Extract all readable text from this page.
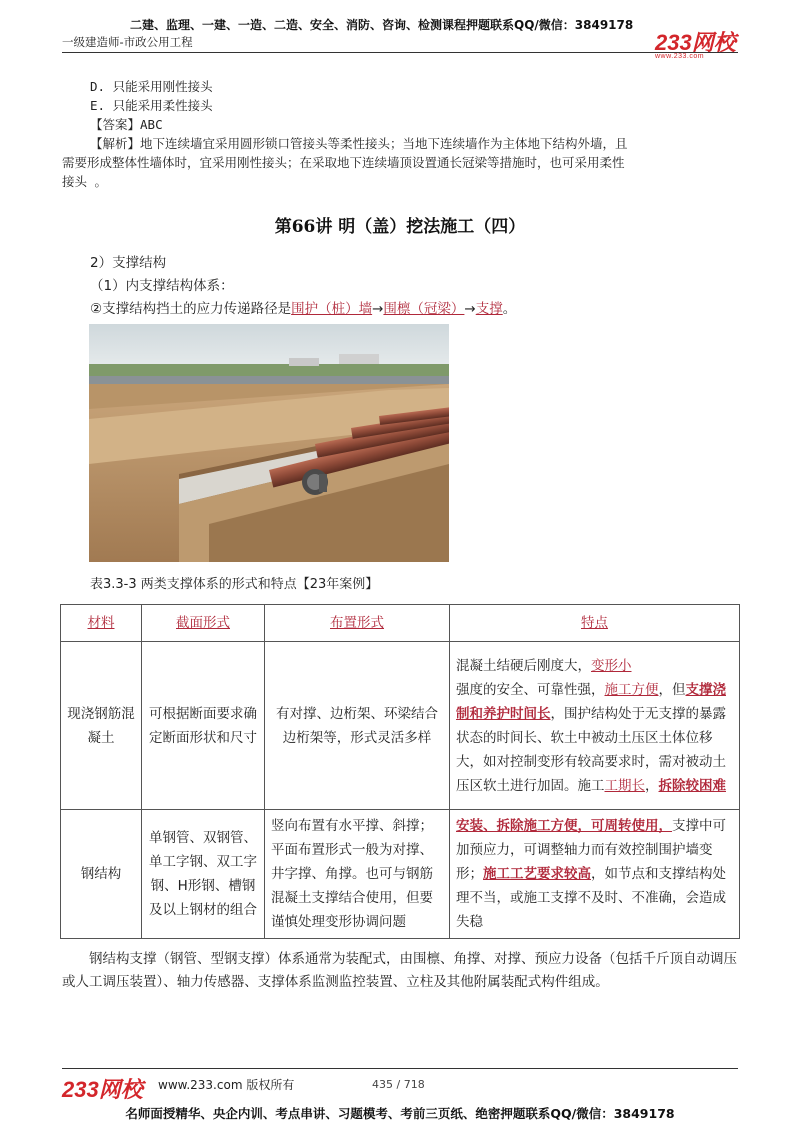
二建、监理、一建、一造、二造、安全、消防、咨询、检测课程押题联系QQ/微信：3849178
一级建造师-市政公用工程	233网校
www.233.com
D. 只能采用刚性接头
E. 只能采用柔性接头
【答案】ABC
【解析】地下连续墙宜采用圆形锁口管接头等柔性接头；当地下连续墙作为主体地下结构外墙，且
需要形成整体性墙体时，宜采用刚性接头；在采取地下连续墙顶设置通长冠梁等措施时，也可采用柔性
接头 。
第66讲 明（盖）挖法施工（四）
2）支撑结构
（1）内支撑结构体系：
②支撑结构挡土的应力传递路径是围护（桩）墙→围檩（冠梁）→支撑。
表3.3-3 两类支撑体系的形式和特点【23年案例】
材料	截面形式	布置形式	特点
现浇钢筋混凝土	可根据断面要求确定断面形状和尺寸	有对撑、边桁架、环梁结合边桁架等，形式灵活多样	混凝土结硬后刚度大，变形小
强度的安全、可靠性强，施工方便，但支撑浇制和养护时间长，围护结构处于无支撑的暴露状态的时间长、软土中被动土压区土体位移大，如对控制变形有较高要求时，需对被动土压区软土进行加固。施工工期长，拆除较困难
钢结构	单钢管、双钢管、单工字钢、双工字钢、H形钢、槽钢及以上钢材的组合	竖向布置有水平撑、斜撑；平面布置形式一般为对撑、井字撑、角撑。也可与钢筋混凝土支撑结合使用，但要谨慎处理变形协调问题	安装、拆除施工方便，可周转使用，支撑中可加预应力，可调整轴力而有效控制围护墙变形；施工工艺要求较高，如节点和支撑结构处理不当，或施工支撑不及时、不准确，会造成失稳
钢结构支撑（钢管、型钢支撑）体系通常为装配式，由围檩、角撑、对撑、预应力设备（包括千斤顶自动调压或人工调压装置）、轴力传感器、支撑体系监测监控装置、立柱及其他附属装配式构件组成。
233网校 www.233.com 版权所有	435 / 718
名师面授精华、央企内训、考点串讲、习题模考、考前三页纸、绝密押题联系QQ/微信：3849178
